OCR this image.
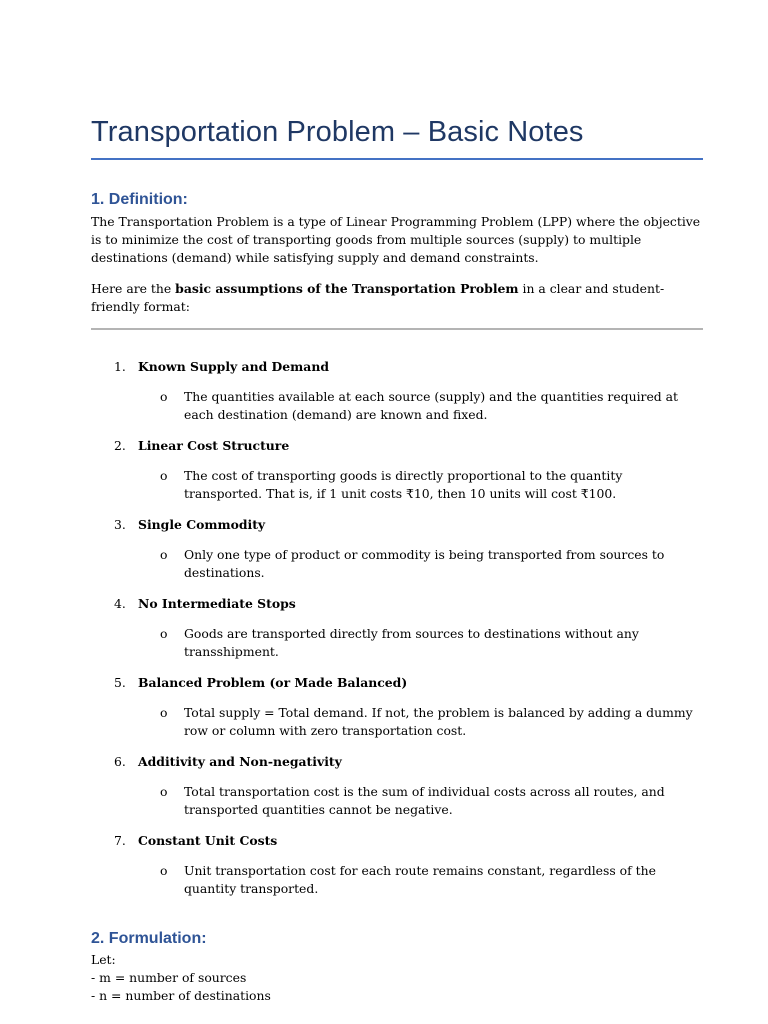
Transportation Problem – Basic Notes
1. Definition:

The Transportation Problem is a type of Linear Programming Problem (LPP) where the objective is to minimize the cost of transporting goods from multiple sources (supply) to multiple destinations (demand) while satisfying supply and demand constraints.

Here are the basic assumptions of the Transportation Problem in a clear and student-friendly format:

1. Known Supply and Demand
o The quantities available at each source (supply) and the quantities required at each destination (demand) are known and fixed.

2. Linear Cost Structure
o The cost of transporting goods is directly proportional to the quantity transported. That is, if 1 unit costs ₹10, then 10 units will cost ₹100.

3. Single Commodity
o Only one type of product or commodity is being transported from sources to destinations.

4. No Intermediate Stops
o Goods are transported directly from sources to destinations without any transshipment.

5. Balanced Problem (or Made Balanced)
o Total supply = Total demand. If not, the problem is balanced by adding a dummy row or column with zero transportation cost.

6. Additivity and Non-negativity
o Total transportation cost is the sum of individual costs across all routes, and transported quantities cannot be negative.

7. Constant Unit Costs
o Unit transportation cost for each route remains constant, regardless of the quantity transported.

2. Formulation:
Let:
- m = number of sources
- n = number of destinations
